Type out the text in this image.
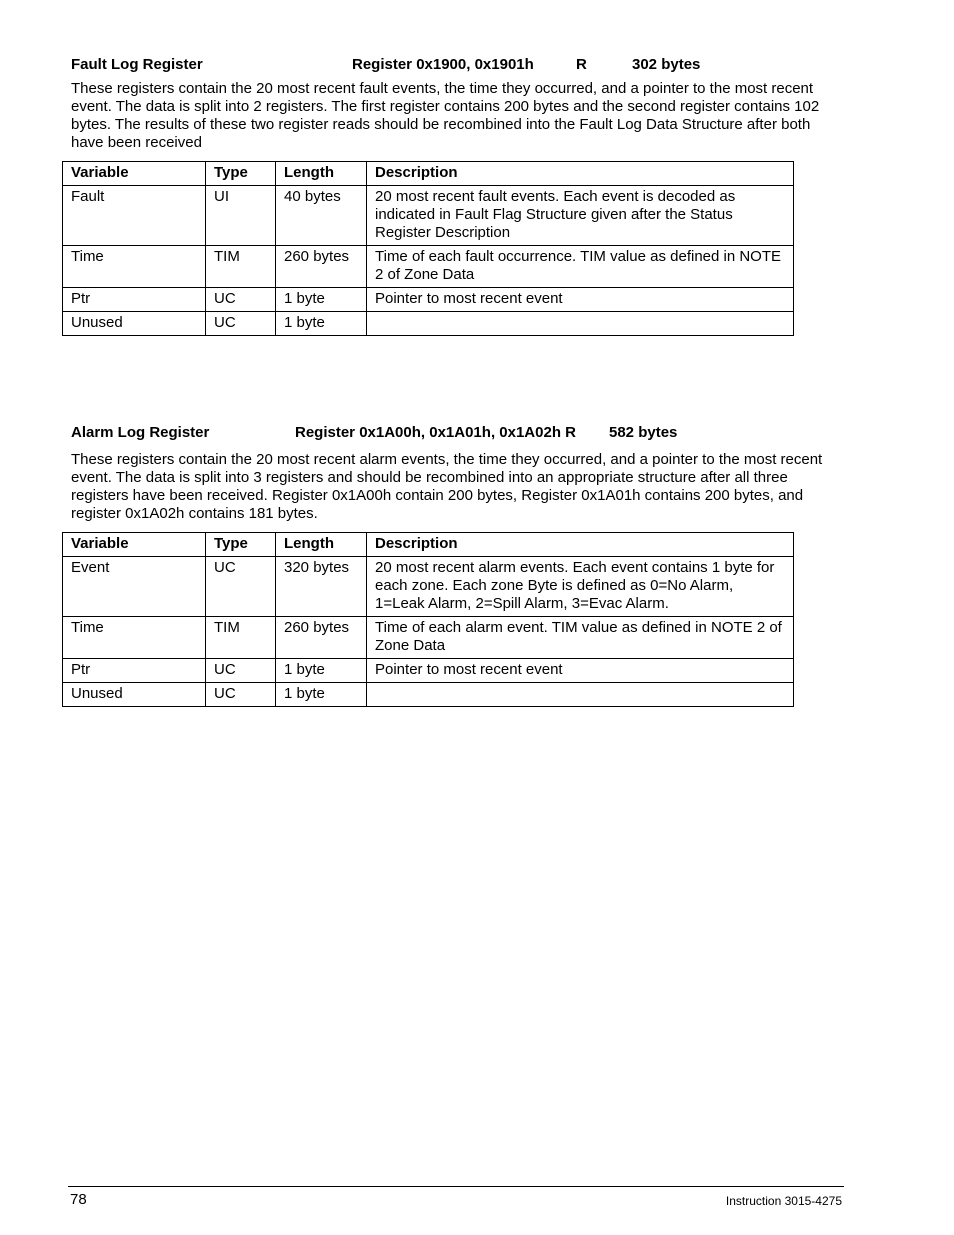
Fault Log Register	Register 0x1900, 0x1901h	R	302 bytes
These registers contain the 20 most recent fault events, the time they occurred, and a pointer to the most recent event. The data is split into 2 registers. The first register contains 200 bytes and the second register contains 102 bytes. The results of these two register reads should be recombined into the Fault Log Data Structure after both have been received
Variable	Type	Length	Description
Fault	UI	40 bytes	20 most recent fault events. Each event is decoded as indicated in Fault Flag Structure given after the Status Register Description
Time	TIM	260 bytes	Time of each fault occurrence. TIM value as defined in NOTE 2 of Zone Data
Ptr	UC	1 byte	Pointer to most recent event
Unused	UC	1 byte	
Alarm Log Register	Register 0x1A00h, 0x1A01h, 0x1A02h R 582 bytes
These registers contain the 20 most recent alarm events, the time they occurred, and a pointer to the most recent event. The data is split into 3 registers and should be recombined into an appropriate structure after all three registers have been received. Register 0x1A00h contain 200 bytes, Register 0x1A01h contains 200 bytes, and register 0x1A02h contains 181 bytes.
Variable	Type	Length	Description
Event	UC	320 bytes	20 most recent alarm events. Each event contains 1 byte for each zone. Each zone Byte is defined as 0=No Alarm, 1=Leak Alarm, 2=Spill Alarm, 3=Evac Alarm.
Time	TIM	260 bytes	Time of each alarm event. TIM value as defined in NOTE 2 of Zone Data
Ptr	UC	1 byte	Pointer to most recent event
Unused	UC	1 byte	
78	Instruction 3015-4275
